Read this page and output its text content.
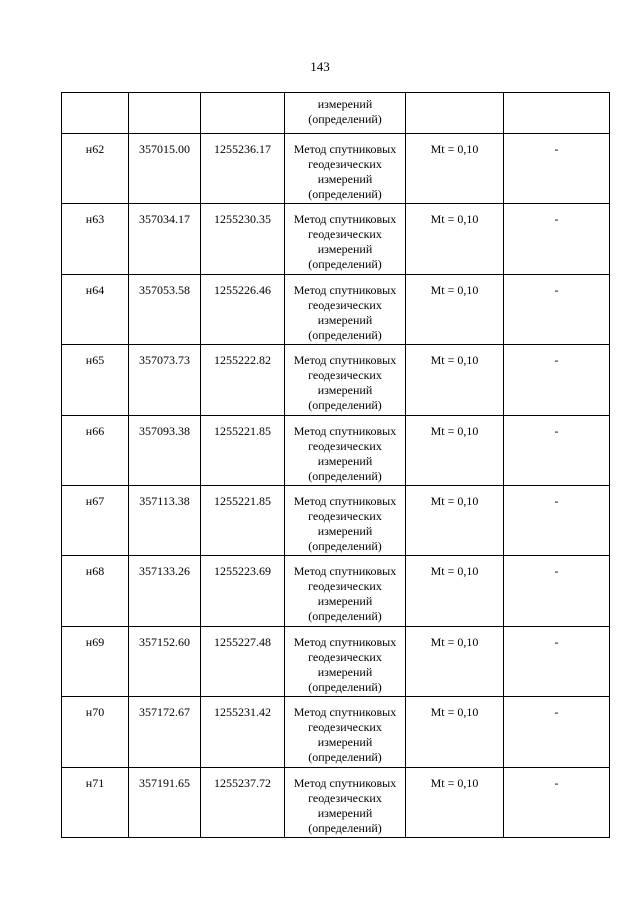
143

			измерений
(определений)		

н62	357015.00	1255236.17	Метод спутниковых
геодезических
измерений
(определений)	Mt = 0,10	-
н63	357034.17	1255230.35	Метод спутниковых
геодезических
измерений
(определений)	Mt = 0,10	-
н64	357053.58	1255226.46	Метод спутниковых
геодезических
измерений
(определений)	Mt = 0,10	-
н65	357073.73	1255222.82	Метод спутниковых
геодезических
измерений
(определений)	Mt = 0,10	-
н66	357093.38	1255221.85	Метод спутниковых
геодезических
измерений
(определений)	Mt = 0,10	-
н67	357113.38	1255221.85	Метод спутниковых
геодезических
измерений
(определений)	Mt = 0,10	-
н68	357133.26	1255223.69	Метод спутниковых
геодезических
измерений
(определений)	Mt = 0,10	-
н69	357152.60	1255227.48	Метод спутниковых
геодезических
измерений
(определений)	Mt = 0,10	-
н70	357172.67	1255231.42	Метод спутниковых
геодезических
измерений
(определений)	Mt = 0,10	-
н71	357191.65	1255237.72	Метод спутниковых
геодезических
измерений
(определений)	Mt = 0,10	-
